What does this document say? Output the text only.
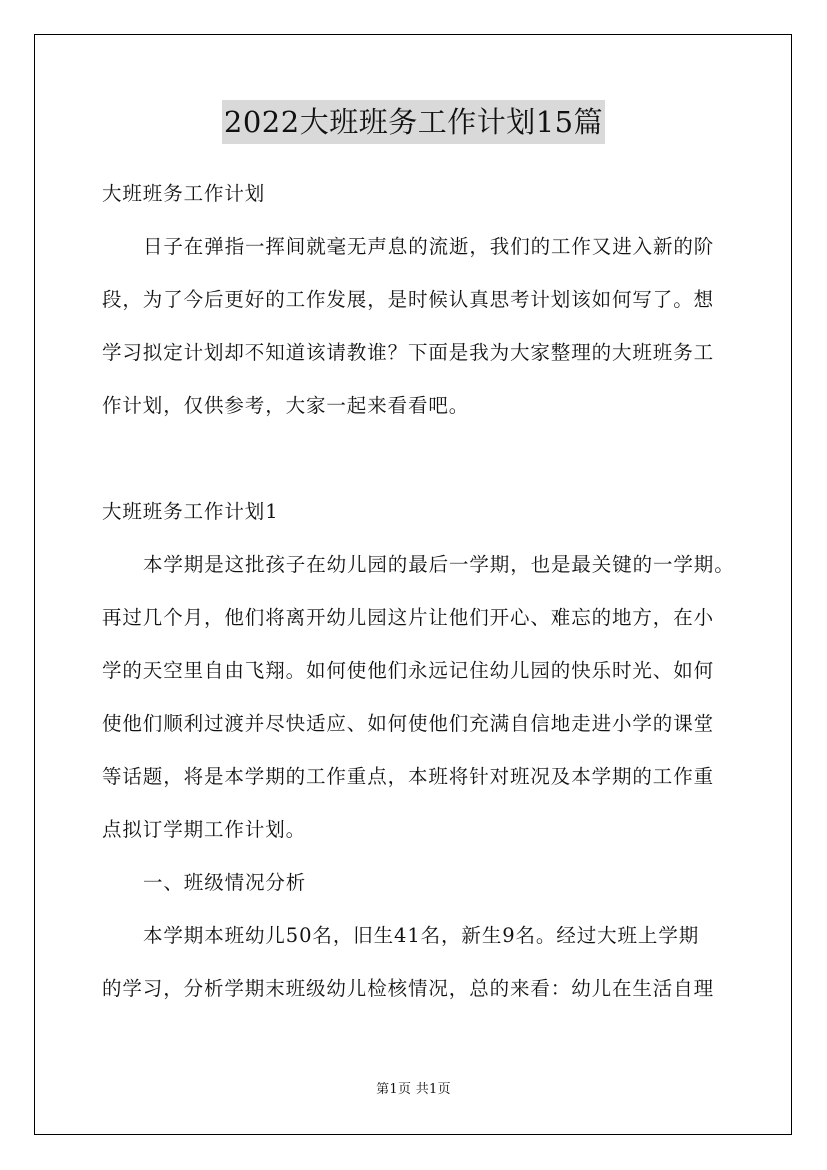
2022大班班务工作计划15篇
大班班务工作计划
日子在弹指一挥间就毫无声息的流逝，我们的工作又进入新的阶
段，为了今后更好的工作发展，是时候认真思考计划该如何写了。想
学习拟定计划却不知道该请教谁？下面是我为大家整理的大班班务工
作计划，仅供参考，大家一起来看看吧。
大班班务工作计划1
本学期是这批孩子在幼儿园的最后一学期，也是最关键的一学期。
再过几个月，他们将离开幼儿园这片让他们开心、难忘的地方，在小
学的天空里自由飞翔。如何使他们永远记住幼儿园的快乐时光、如何
使他们顺利过渡并尽快适应、如何使他们充满自信地走进小学的课堂
等话题，将是本学期的工作重点，本班将针对班况及本学期的工作重
点拟订学期工作计划。
一、班级情况分析
本学期本班幼儿50名，旧生41名，新生9名。经过大班上学期
的学习，分析学期末班级幼儿检核情况，总的来看：幼儿在生活自理
第1页 共1页
